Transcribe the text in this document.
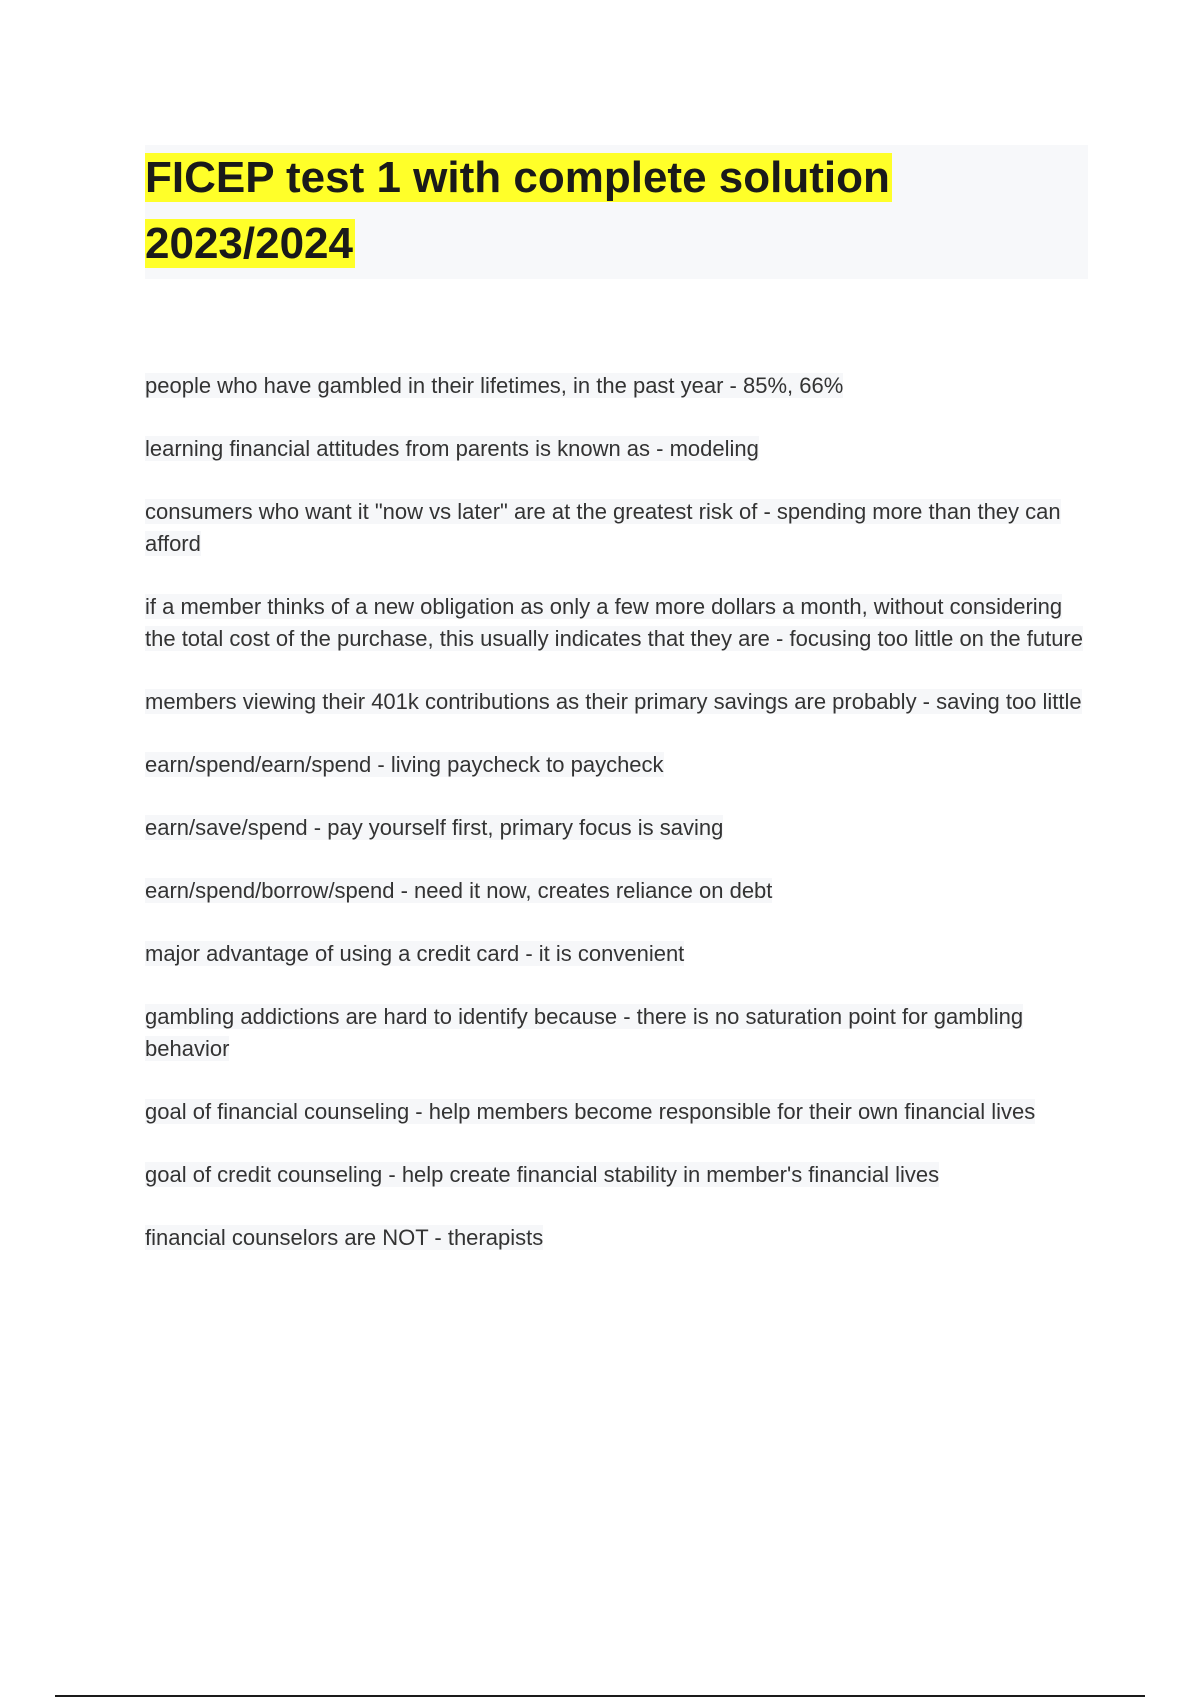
FICEP test 1 with complete solution
2023/2024
people who have gambled in their lifetimes, in the past year - 85%, 66%
learning financial attitudes from parents is known as - modeling
consumers who want it "now vs later" are at the greatest risk of - spending more than they can afford
if a member thinks of a new obligation as only a few more dollars a month, without considering the total cost of the purchase, this usually indicates that they are - focusing too little on the future
members viewing their 401k contributions as their primary savings are probably - saving too little
earn/spend/earn/spend - living paycheck to paycheck
earn/save/spend - pay yourself first, primary focus is saving
earn/spend/borrow/spend - need it now, creates reliance on debt
major advantage of using a credit card - it is convenient
gambling addictions are hard to identify because - there is no saturation point for gambling behavior
goal of financial counseling - help members become responsible for their own financial lives
goal of credit counseling - help create financial stability in member's financial lives
financial counselors are NOT - therapists
